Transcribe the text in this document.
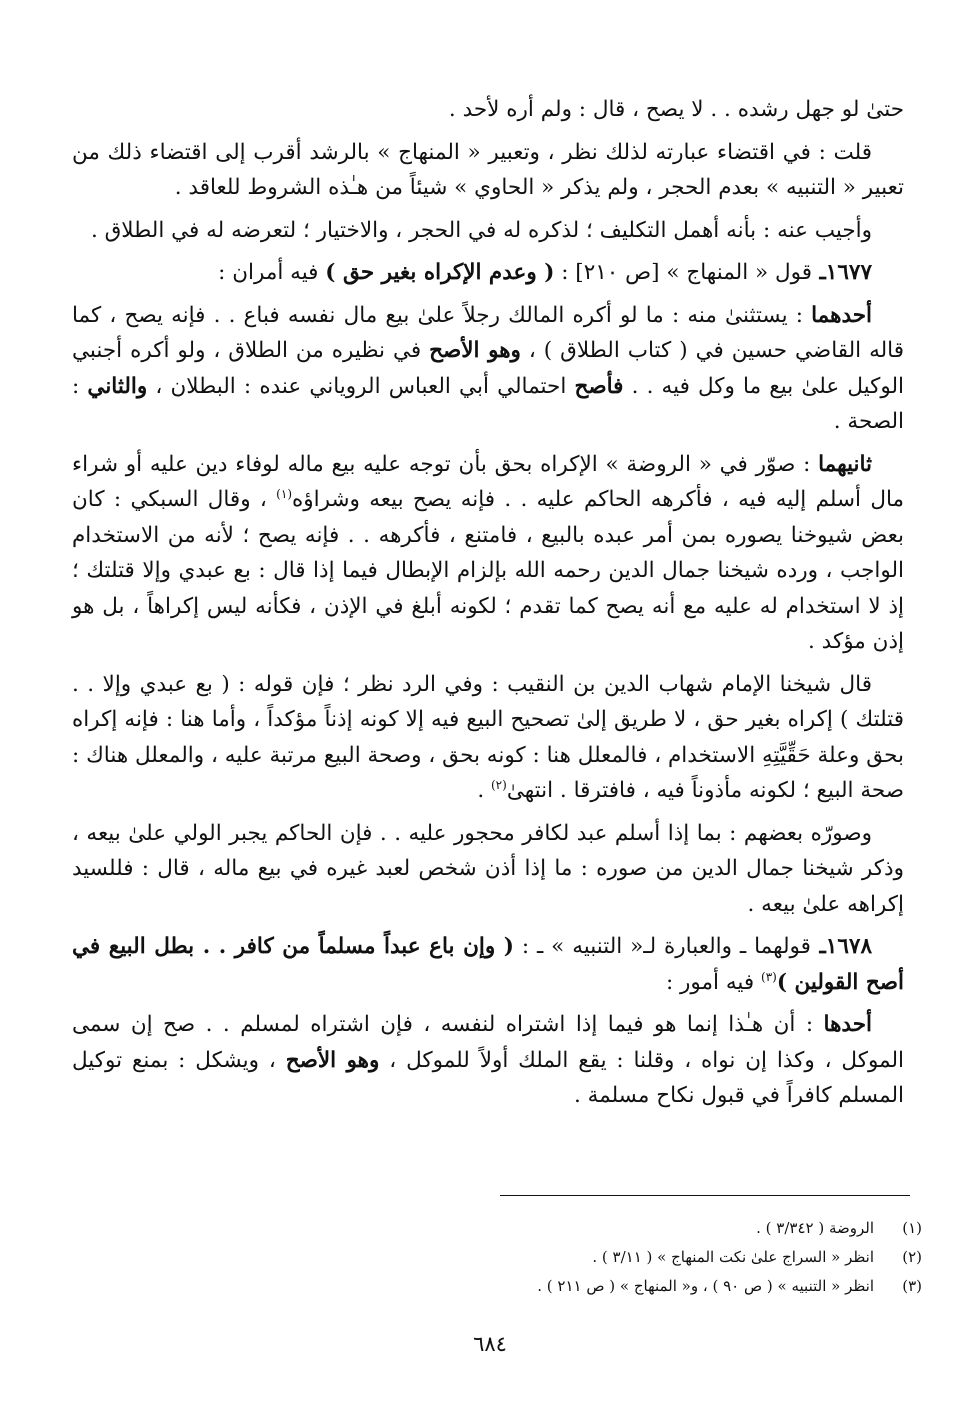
حتىٰ لو جهل رشده . . لا يصح ، قال : ولم أره لأحد .

قلت : في اقتضاء عبارته لذلك نظر ، وتعبير « المنهاج » بالرشد أقرب إلى اقتضاء ذلك من تعبير « التنبيه » بعدم الحجر ، ولم يذكر « الحاوي » شيئاً من هـٰذه الشروط للعاقد .

وأجيب عنه : بأنه أهمل التكليف ؛ لذكره له في الحجر ، والاختيار ؛ لتعرضه له في الطلاق .

١٦٧٧ـ قول « المنهاج » [ص ٢١٠] : ( وعدم الإكراه بغير حق ) فيه أمران :

أحدهما : يستثنىٰ منه : ما لو أكره المالك رجلاً علىٰ بيع مال نفسه فباع . . فإنه يصح ، كما قاله القاضي حسين في ( كتاب الطلاق ) ، وهو الأصح في نظيره من الطلاق ، ولو أكره أجنبي الوكيل علىٰ بيع ما وكل فيه . . فأصح احتمالي أبي العباس الروياني عنده : البطلان ، والثاني : الصحة .

ثانيهما : صوّر في « الروضة » الإكراه بحق بأن توجه عليه بيع ماله لوفاء دين عليه أو شراء مال أسلم إليه فيه ، فأكرهه الحاكم عليه . . فإنه يصح بيعه وشراؤه$^{(١)}$ ، وقال السبكي : كان بعض شيوخنا يصوره بمن أمر عبده بالبيع ، فامتنع ، فأكرهه . . فإنه يصح ؛ لأنه من الاستخدام الواجب ، ورده شيخنا جمال الدين رحمه الله بإلزام الإبطال فيما إذا قال : بع عبدي وإلا قتلتك ؛ إذ لا استخدام له عليه مع أنه يصح كما تقدم ؛ لكونه أبلغ في الإذن ، فكأنه ليس إكراهاً ، بل هو إذن مؤكد .

قال شيخنا الإمام شهاب الدين بن النقيب : وفي الرد نظر ؛ فإن قوله : ( بع عبدي وإلا . . قتلتك ) إكراه بغير حق ، لا طريق إلىٰ تصحيح البيع فيه إلا كونه إذناً مؤكداً ، وأما هنا : فإنه إكراه بحق وعلة حَقِّيَّتِهِ الاستخدام ، فالمعلل هنا : كونه بحق ، وصحة البيع مرتبة عليه ، والمعلل هناك : صحة البيع ؛ لكونه مأذوناً فيه ، فافترقا . انتهىٰ$^{(٢)}$ .

وصورّه بعضهم : بما إذا أسلم عبد لكافر محجور عليه . . فإن الحاكم يجبر الولي علىٰ بيعه ، وذكر شيخنا جمال الدين من صوره : ما إذا أذن شخص لعبد غيره في بيع ماله ، قال : فللسيد إكراهه علىٰ بيعه .

١٦٧٨ـ قولهما ـ والعبارة لـ« التنبيه » ـ : ( وإن باع عبداً مسلماً من كافر . . بطل البيع في أصح القولين )$^{(٣)}$ فيه أمور :

أحدها : أن هـٰذا إنما هو فيما إذا اشتراه لنفسه ، فإن اشتراه لمسلم . . صح إن سمى الموكل ، وكذا إن نواه ، وقلنا : يقع الملك أولاً للموكل ، وهو الأصح ، ويشكل : بمنع توكيل المسلم كافراً في قبول نكاح مسلمة .

(١)
الروضة ( ٣/٣٤٢ ) .
(٢)
انظر « السراج علىٰ نكت المنهاج » ( ٣/١١ ) .
(٣)
انظر « التنبيه » ( ص ٩٠ ) ، و« المنهاج » ( ص ٢١١ ) .
٦٨٤
